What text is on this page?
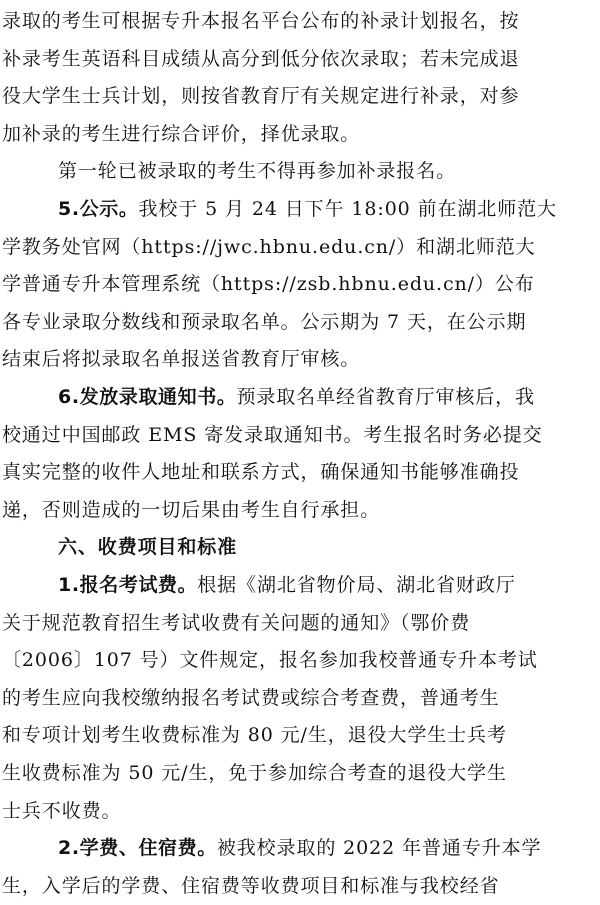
录取的考生可根据专升本报名平台公布的补录计划报名，按
补录考生英语科目成绩从高分到低分依次录取；若未完成退
役大学生士兵计划，则按省教育厅有关规定进行补录，对参
加补录的考生进行综合评价，择优录取。
第一轮已被录取的考生不得再参加补录报名。
5.公示。我校于 5 月 24 日下午 18:00 前在湖北师范大
学教务处官网（https://jwc.hbnu.edu.cn/）和湖北师范大
学普通专升本管理系统（https://zsb.hbnu.edu.cn/）公布
各专业录取分数线和预录取名单。公示期为 7 天，在公示期
结束后将拟录取名单报送省教育厅审核。
6.发放录取通知书。预录取名单经省教育厅审核后，我
校通过中国邮政 EMS 寄发录取通知书。考生报名时务必提交
真实完整的收件人地址和联系方式，确保通知书能够准确投
递，否则造成的一切后果由考生自行承担。
六、收费项目和标准
1.报名考试费。根据《湖北省物价局、湖北省财政厅
关于规范教育招生考试收费有关问题的通知》（鄂价费
〔2006〕107 号）文件规定，报名参加我校普通专升本考试
的考生应向我校缴纳报名考试费或综合考查费，普通考生
和专项计划考生收费标准为 80 元/生，退役大学生士兵考
生收费标准为 50 元/生，免于参加综合考查的退役大学生
士兵不收费。
2.学费、住宿费。被我校录取的 2022 年普通专升本学
生，入学后的学费、住宿费等收费项目和标准与我校经省
